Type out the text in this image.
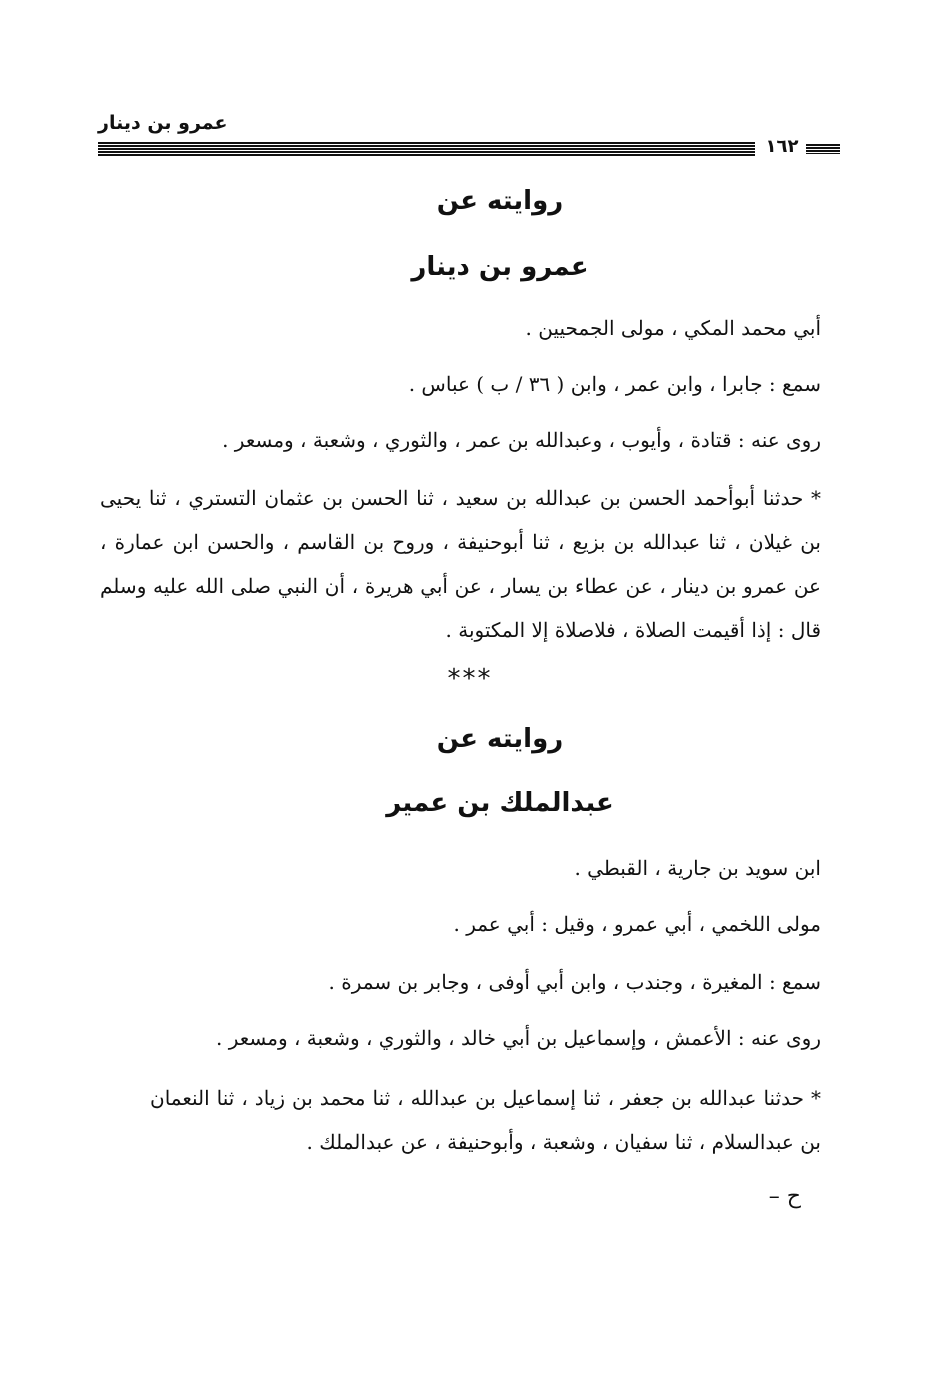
عمرو بن دينار
١٦٢
روايته عن
عمرو بن دينار
أبي محمد المكي ، مولى الجمحيين .
سمع : جابرا ، وابن عمر ، وابن ( ٣٦ / ب ) عباس .
روى عنه : قتادة ، وأيوب ، وعبدالله بن عمر ، والثوري ، وشعبة ، ومسعر .
* حدثنا أبوأحمد الحسن بن عبدالله بن سعيد ، ثنا الحسن بن عثمان التستري ، ثنا يحيى بن غيلان ، ثنا عبدالله بن بزيع ، ثنا أبوحنيفة ، وروح بن القاسم ، والحسن ابن عمارة ، عن عمرو بن دينار ، عن عطاء بن يسار ، عن أبي هريرة ، أن النبي صلى الله عليه وسلم قال : إذا أقيمت الصلاة ، فلاصلاة إلا المكتوبة .
***
روايته عن
عبدالملك بن عمير
ابن سويد بن جارية ، القبطي .
مولى اللخمي ، أبي عمرو ، وقيل : أبي عمر .
سمع : المغيرة ، وجندب ، وابن أبي أوفى ، وجابر بن سمرة .
روى عنه : الأعمش ، وإسماعيل بن أبي خالد ، والثوري ، وشعبة ، ومسعر .
* حدثنا عبدالله بن جعفر ، ثنا إسماعيل بن عبدالله ، ثنا محمد بن زياد ، ثنا النعمان بن عبدالسلام ، ثنا سفيان ، وشعبة ، وأبوحنيفة ، عن عبدالملك .
ح –
